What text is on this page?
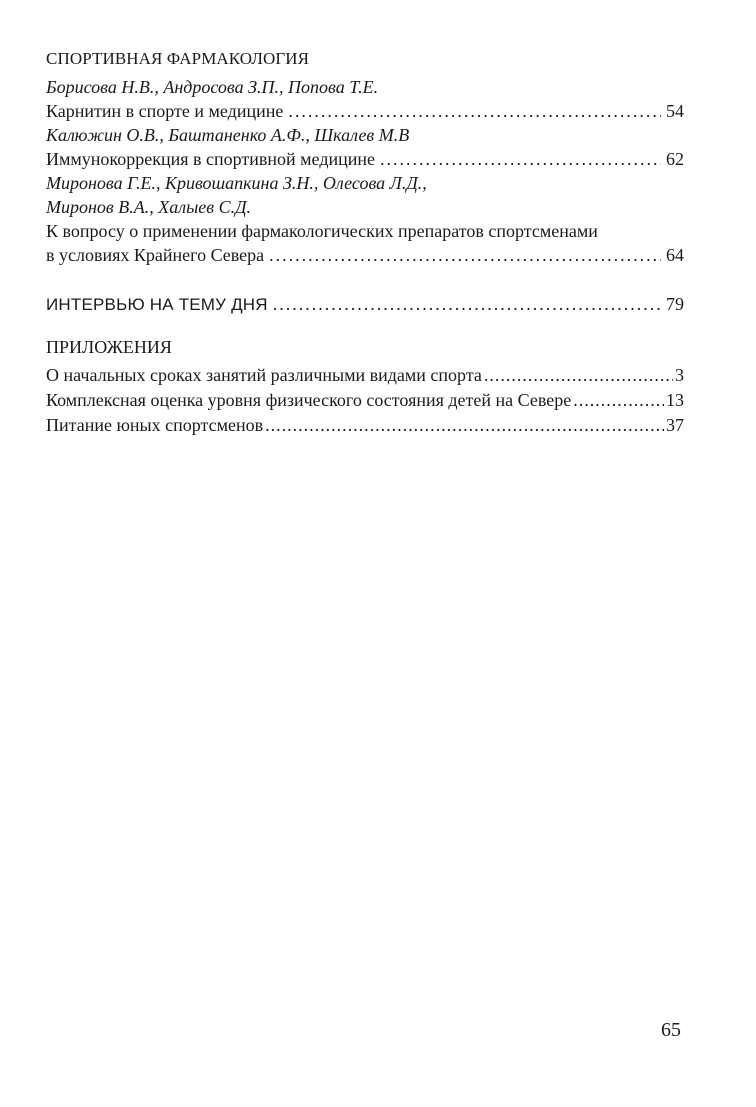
СПОРТИВНАЯ ФАРМАКОЛОГИЯ
Борисова Н.В., Андросова З.П., Попова Т.Е.
Карнитин в спорте и медицине .....	54
Калюжин О.В., Баштаненко А.Ф., Шкалев М.В
Иммунокоррекция в спортивной медицине .....	62
Миронова Г.Е., Кривошапкина З.Н., Олесова Л.Д.,
Миронов В.А., Халыев С.Д.
К вопросу о применении фармакологических препаратов спортсменами
в условиях Крайнего Севера .....	64
ИНТЕРВЬЮ НА ТЕМУ ДНЯ .....	79
ПРИЛОЖЕНИЯ
О начальных сроках занятий различными видами спорта .....	3
Комплексная оценка уровня физического состояния детей на Севере .....	13
Питание юных спортсменов .....	37
65
